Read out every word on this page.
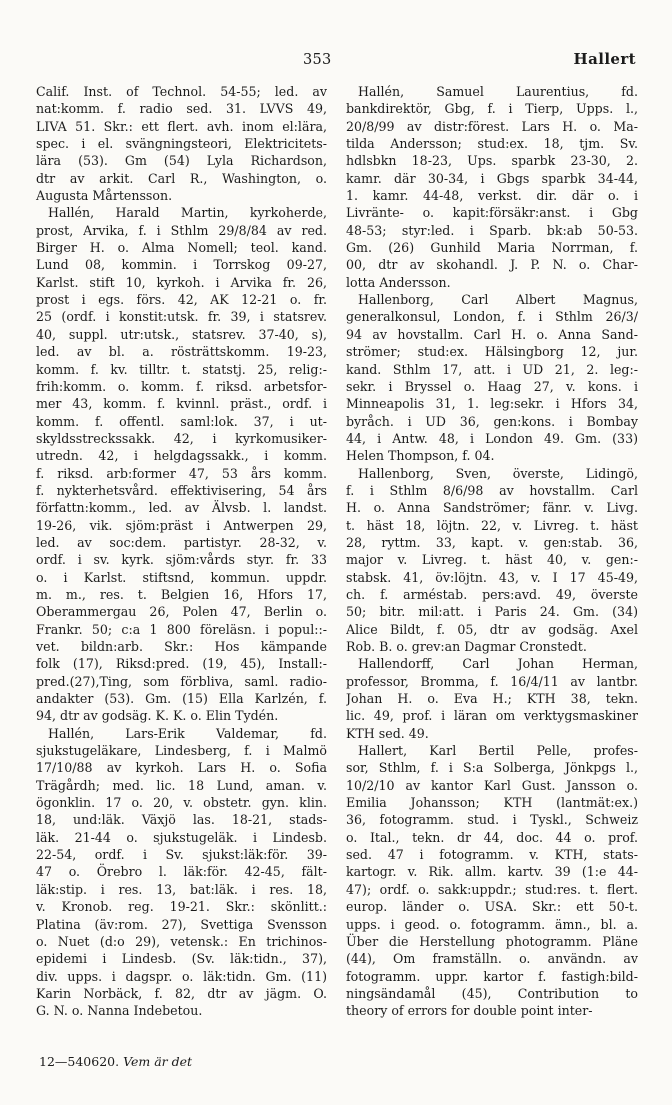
353	Hallert
Calif. Inst. of Technol. 54-55; led. av
nat:komm. f. radio sed. 31. LVVS 49,
LIVA 51. Skr.: ett flert. avh. inom el:lära,
spec. i el. svängningsteori, Elektricitets-
lära (53). Gm (54) Lyla Richardson,
dtr av arkit. Carl R., Washington, o.
Augusta Mårtensson.
Hallén, Harald Martin, kyrkoherde,
prost, Arvika, f. i Sthlm 29/8/84 av red.
Birger H. o. Alma Nomell; teol. kand.
Lund 08, kommin. i Torrskog 09-27,
Karlst. stift 10, kyrkoh. i Arvika fr. 26,
prost i egs. förs. 42, AK 12-21 o. fr.
25 (ordf. i konstit:utsk. fr. 39, i statsrev.
40, suppl. utr:utsk., statsrev. 37-40, s),
led. av bl. a. rösträttskomm. 19-23,
komm. f. kv. tilltr. t. statstj. 25, relig:-
frih:komm. o. komm. f. riksd. arbetsfor-
mer 43, komm. f. kvinnl. präst., ordf. i
komm. f. offentl. saml:lok. 37, i ut-
skyldsstreckssakk. 42, i kyrkomusiker-
utredn. 42, i helgdagssakk., i komm.
f. riksd. arb:former 47, 53 års komm.
f. nykterhetsvård. effektivisering, 54 års
författn:komm., led. av Älvsb. l. landst.
19-26, vik. sjöm:präst i Antwerpen 29,
led. av soc:dem. partistyr. 28-32, v.
ordf. i sv. kyrk. sjöm:vårds styr. fr. 33
o. i Karlst. stiftsnd, kommun. uppdr.
m. m., res. t. Belgien 16, Hfors 17,
Oberammergau 26, Polen 47, Berlin o.
Frankr. 50; c:a 1 800 föreläsn. i popul::-
vet. bildn:arb. Skr.: Hos kämpande
folk (17), Riksd:pred. (19, 45), Install:-
pred.(27),Ting, som förbliva, saml. radio-
andakter (53). Gm. (15) Ella Karlzén, f.
94, dtr av godsäg. K. K. o. Elin Tydén.
Hallén, Lars-Erik Valdemar, fd.
sjukstugeläkare, Lindesberg, f. i Malmö
17/10/88 av kyrkoh. Lars H. o. Sofia
Trägårdh; med. lic. 18 Lund, aman. v.
ögonklin. 17 o. 20, v. obstetr. gyn. klin.
18, und:läk. Växjö las. 18-21, stads-
läk. 21-44 o. sjukstugeläk. i Lindesb.
22-54, ordf. i Sv. sjukst:läk:för. 39-
47 o. Örebro l. läk:för. 42-45, fält-
läk:stip. i res. 13, bat:läk. i res. 18,
v. Kronob. reg. 19-21. Skr.: skönlitt.:
Platina (äv:rom. 27), Svettiga Svensson
o. Nuet (d:o 29), vetensk.: En trichinos-
epidemi i Lindesb. (Sv. läk:tidn., 37),
div. upps. i dagspr. o. läk:tidn. Gm. (11)
Karin Norbäck, f. 82, dtr av jägm. O.
G. N. o. Nanna Indebetou.
Hallén, Samuel Laurentius, fd.
bankdirektör, Gbg, f. i Tierp, Upps. l.,
20/8/99 av distr:förest. Lars H. o. Ma-
tilda Andersson; stud:ex. 18, tjm. Sv.
hdlsbkn 18-23, Ups. sparbk 23-30, 2.
kamr. där 30-34, i Gbgs sparbk 34-44,
1. kamr. 44-48, verkst. dir. där o. i
Livränte- o. kapit:försäkr:anst. i Gbg
48-53; styr:led. i Sparb. bk:ab 50-53.
Gm. (26) Gunhild Maria Norrman, f.
00, dtr av skohandl. J. P. N. o. Char-
lotta Andersson.
Hallenborg, Carl Albert Magnus,
generalkonsul, London, f. i Sthlm 26/3/
94 av hovstallm. Carl H. o. Anna Sand-
strömer; stud:ex. Hälsingborg 12, jur.
kand. Sthlm 17, att. i UD 21, 2. leg:-
sekr. i Bryssel o. Haag 27, v. kons. i
Minneapolis 31, 1. leg:sekr. i Hfors 34,
byråch. i UD 36, gen:kons. i Bombay
44, i Antw. 48, i London 49. Gm. (33)
Helen Thompson, f. 04.
Hallenborg, Sven, överste, Lidingö,
f. i Sthlm 8/6/98 av hovstallm. Carl
H. o. Anna Sandströmer; fänr. v. Livg.
t. häst 18, löjtn. 22, v. Livreg. t. häst
28, ryttm. 33, kapt. v. gen:stab. 36,
major v. Livreg. t. häst 40, v. gen:-
stabsk. 41, öv:löjtn. 43, v. I 17 45-49,
ch. f. arméstab. pers:avd. 49, överste
50; bitr. mil:att. i Paris 24. Gm. (34)
Alice Bildt, f. 05, dtr av godsäg. Axel
Rob. B. o. grev:an Dagmar Cronstedt.
Hallendorff, Carl Johan Herman,
professor, Bromma, f. 16/4/11 av lantbr.
Johan H. o. Eva H.; KTH 38, tekn.
lic. 49, prof. i läran om verktygsmaskiner
KTH sed. 49.
Hallert, Karl Bertil Pelle, profes-
sor, Sthlm, f. i S:a Solberga, Jönkpgs l.,
10/2/10 av kantor Karl Gust. Jansson o.
Emilia Johansson; KTH (lantmät:ex.)
36, fotogramm. stud. i Tyskl., Schweiz
o. Ital., tekn. dr 44, doc. 44 o. prof.
sed. 47 i fotogramm. v. KTH, stats-
kartogr. v. Rik. allm. kartv. 39 (1:e 44-
47); ordf. o. sakk:uppdr.; stud:res. t. flert.
europ. länder o. USA. Skr.: ett 50-t.
upps. i geod. o. fotogramm. ämn., bl. a.
Über die Herstellung photogramm. Pläne
(44), Om framställn. o. användn. av
fotogramm. uppr. kartor f. fastigh:bild-
ningsändamål (45), Contribution to
theory of errors for double point inter-
12—540620. Vem är det
